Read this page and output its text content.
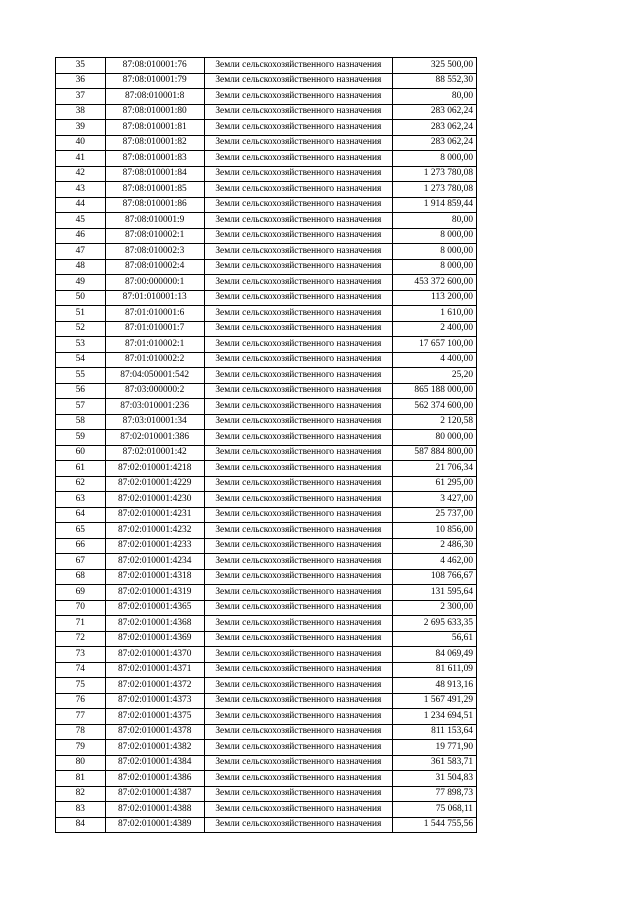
35	87:08:010001:76	Земли сельскохозяйственного назначения	325 500,00
36	87:08:010001:79	Земли сельскохозяйственного назначения	88 552,30
37	87:08:010001:8	Земли сельскохозяйственного назначения	80,00
38	87:08:010001:80	Земли сельскохозяйственного назначения	283 062,24
39	87:08:010001:81	Земли сельскохозяйственного назначения	283 062,24
40	87:08:010001:82	Земли сельскохозяйственного назначения	283 062,24
41	87:08:010001:83	Земли сельскохозяйственного назначения	8 000,00
42	87:08:010001:84	Земли сельскохозяйственного назначения	1 273 780,08
43	87:08:010001:85	Земли сельскохозяйственного назначения	1 273 780,08
44	87:08:010001:86	Земли сельскохозяйственного назначения	1 914 859,44
45	87:08:010001:9	Земли сельскохозяйственного назначения	80,00
46	87:08:010002:1	Земли сельскохозяйственного назначения	8 000,00
47	87:08:010002:3	Земли сельскохозяйственного назначения	8 000,00
48	87:08:010002:4	Земли сельскохозяйственного назначения	8 000,00
49	87:00:000000:1	Земли сельскохозяйственного назначения	453 372 600,00
50	87:01:010001:13	Земли сельскохозяйственного назначения	113 200,00
51	87:01:010001:6	Земли сельскохозяйственного назначения	1 610,00
52	87:01:010001:7	Земли сельскохозяйственного назначения	2 400,00
53	87:01:010002:1	Земли сельскохозяйственного назначения	17 657 100,00
54	87:01:010002:2	Земли сельскохозяйственного назначения	4 400,00
55	87:04:050001:542	Земли сельскохозяйственного назначения	25,20
56	87:03:000000:2	Земли сельскохозяйственного назначения	865 188 000,00
57	87:03:010001:236	Земли сельскохозяйственного назначения	562 374 600,00
58	87:03:010001:34	Земли сельскохозяйственного назначения	2 120,58
59	87:02:010001:386	Земли сельскохозяйственного назначения	80 000,00
60	87:02:010001:42	Земли сельскохозяйственного назначения	587 884 800,00
61	87:02:010001:4218	Земли сельскохозяйственного назначения	21 706,34
62	87:02:010001:4229	Земли сельскохозяйственного назначения	61 295,00
63	87:02:010001:4230	Земли сельскохозяйственного назначения	3 427,00
64	87:02:010001:4231	Земли сельскохозяйственного назначения	25 737,00
65	87:02:010001:4232	Земли сельскохозяйственного назначения	10 856,00
66	87:02:010001:4233	Земли сельскохозяйственного назначения	2 486,30
67	87:02:010001:4234	Земли сельскохозяйственного назначения	4 462,00
68	87:02:010001:4318	Земли сельскохозяйственного назначения	108 766,67
69	87:02:010001:4319	Земли сельскохозяйственного назначения	131 595,64
70	87:02:010001:4365	Земли сельскохозяйственного назначения	2 300,00
71	87:02:010001:4368	Земли сельскохозяйственного назначения	2 695 633,35
72	87:02:010001:4369	Земли сельскохозяйственного назначения	56,61
73	87:02:010001:4370	Земли сельскохозяйственного назначения	84 069,49
74	87:02:010001:4371	Земли сельскохозяйственного назначения	81 611,09
75	87:02:010001:4372	Земли сельскохозяйственного назначения	48 913,16
76	87:02:010001:4373	Земли сельскохозяйственного назначения	1 567 491,29
77	87:02:010001:4375	Земли сельскохозяйственного назначения	1 234 694,51
78	87:02:010001:4378	Земли сельскохозяйственного назначения	811 153,64
79	87:02:010001:4382	Земли сельскохозяйственного назначения	19 771,90
80	87:02:010001:4384	Земли сельскохозяйственного назначения	361 583,71
81	87:02:010001:4386	Земли сельскохозяйственного назначения	31 504,83
82	87:02:010001:4387	Земли сельскохозяйственного назначения	77 898,73
83	87:02:010001:4388	Земли сельскохозяйственного назначения	75 068,11
84	87:02:010001:4389	Земли сельскохозяйственного назначения	1 544 755,56
